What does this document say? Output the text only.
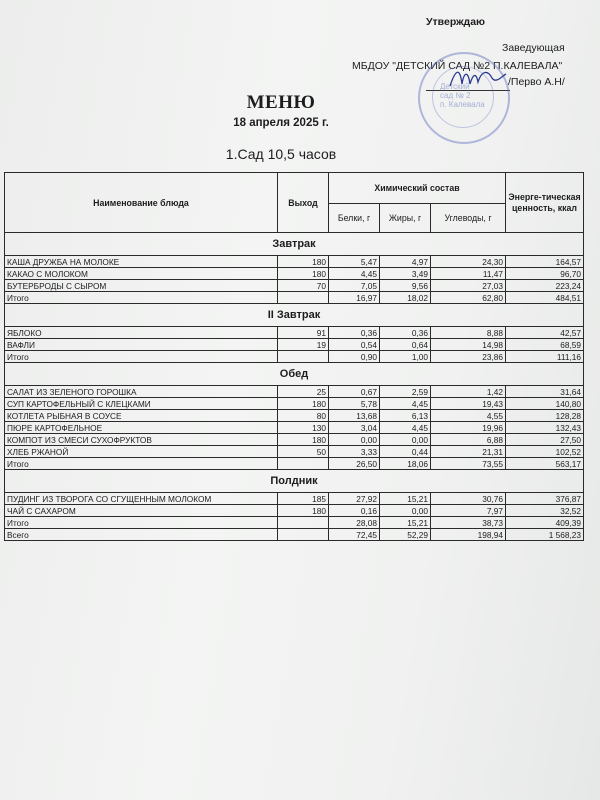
Утверждаю
Заведующая
МБДОУ "ДЕТСКИЙ САД №2 П.КАЛЕВАЛА"
/Перво А.Н/
Детский
сад № 2
п. Калевала
МЕНЮ
18 апреля 2025 г.
1.Сад 10,5 часов
Наименование блюда	Выход	Химический состав			Энерге-тическая ценность, ккал
		Белки, г	Жиры, г	Углеводы, г	
Завтрак					
КАША ДРУЖБА НА МОЛОКЕ	180	5,47	4,97	24,30	164,57
КАКАО С МОЛОКОМ	180	4,45	3,49	11,47	96,70
БУТЕРБРОДЫ С СЫРОМ	70	7,05	9,56	27,03	223,24
Итого		16,97	18,02	62,80	484,51
II Завтрак					
ЯБЛОКО	91	0,36	0,36	8,88	42,57
ВАФЛИ	19	0,54	0,64	14,98	68,59
Итого		0,90	1,00	23,86	111,16
Обед					
САЛАТ ИЗ ЗЕЛЕНОГО ГОРОШКА	25	0,67	2,59	1,42	31,64
СУП КАРТОФЕЛЬНЫЙ С КЛЕЦКАМИ	180	5,78	4,45	19,43	140,80
КОТЛЕТА РЫБНАЯ В СОУСЕ	80	13,68	6,13	4,55	128,28
ПЮРЕ КАРТОФЕЛЬНОЕ	130	3,04	4,45	19,96	132,43
КОМПОТ ИЗ СМЕСИ СУХОФРУКТОВ	180	0,00	0,00	6,88	27,50
ХЛЕБ РЖАНОЙ	50	3,33	0,44	21,31	102,52
Итого		26,50	18,06	73,55	563,17
Полдник					
ПУДИНГ ИЗ ТВОРОГА СО СГУЩЕННЫМ МОЛОКОМ	185	27,92	15,21	30,76	376,87
ЧАЙ С САХАРОМ	180	0,16	0,00	7,97	32,52
Итого		28,08	15,21	38,73	409,39
Всего		72,45	52,29	198,94	1 568,23
